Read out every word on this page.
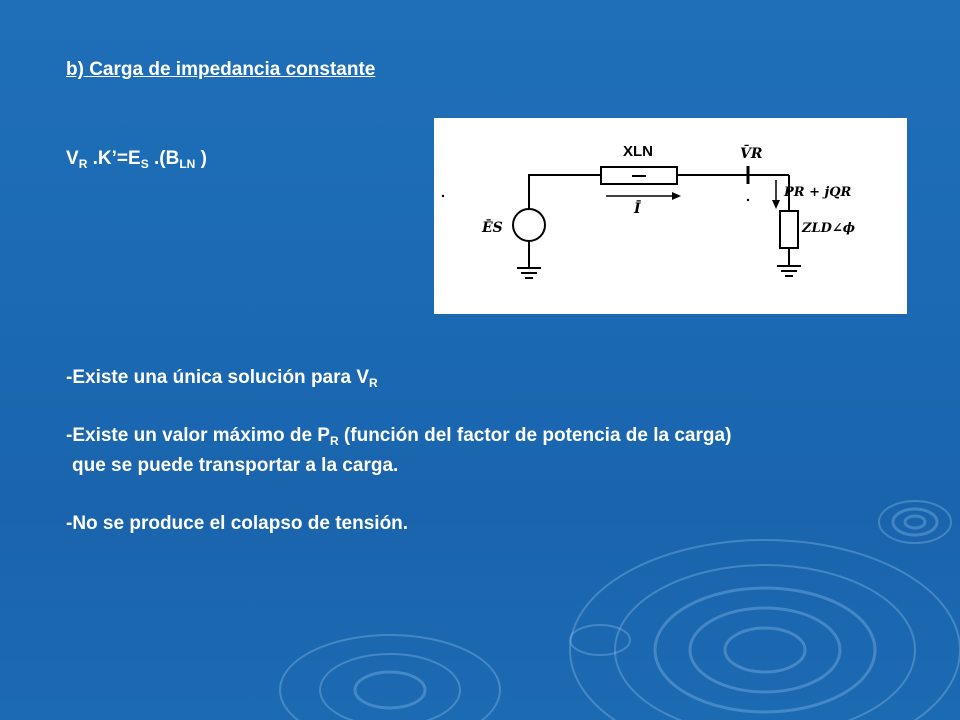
b) Carga de impedancia constante
$V_R$ $.K’=E_S$ $.(B_{LN}$ )	XLN	V̄R
PR + jQR
ĒS
Ī
ZLD∠ϕ
-Existe una única solución para $V_R$
-Existe un valor máximo de $P_R$ (función del factor de potencia de la carga)
que se puede transportar a la carga.
-No se produce el colapso de tensión.
